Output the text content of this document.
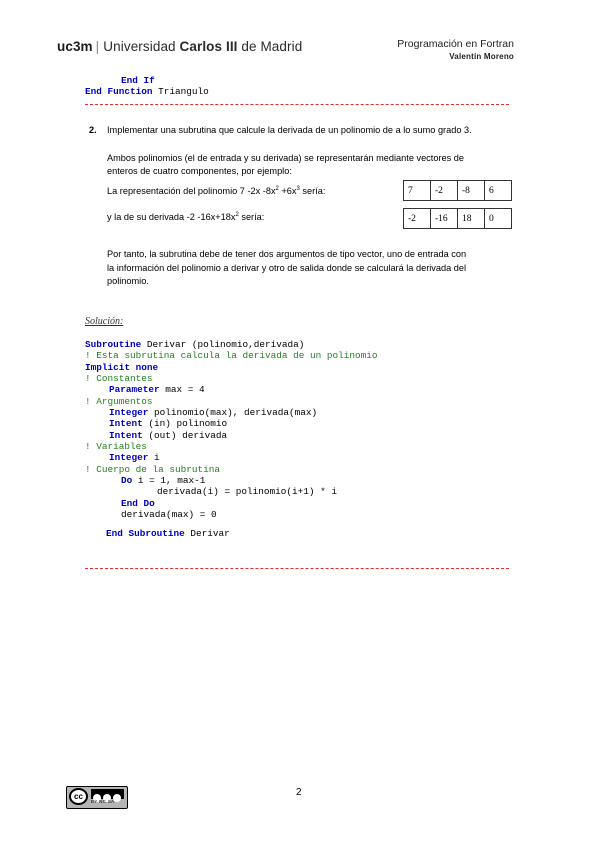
uc3m | Universidad Carlos III de Madrid	Programación en Fortran
Valentín Moreno
End If
End Function Triangulo
2. Implementar una subrutina que calcule la derivada de un polinomio de a lo sumo grado 3.
Ambos polinomios (el de entrada y su derivada) se representarán mediante vectores de
enteros de cuatro componentes, por ejemplo:
La representación del polinomio 7 -2x $-8x^2 +6x^3$ sería:
y la de su derivada -2 $-16x+18x^2$ sería:
7	-2	-8	6

-2	-16	18	0
Por tanto, la subrutina debe de tener dos argumentos de tipo vector, uno de entrada con
la información del polinomio a derivar y otro de salida donde se calculará la derivada del
polinomio.
Solución:
Subroutine Derivar (polinomio,derivada)
! Esta subrutina calcula la derivada de un polinomio
Implicit none
! Constantes
Parameter max = 4
! Argumentos
Integer polinomio(max), derivada(max)
Intent (in) polinomio
Intent (out) derivada
! Variables
Integer i
! Cuerpo de la subrutina
Do i = 1, max-1
derivada(i) = polinomio(i+1) * i
End Do
derivada(max) = 0
End Subroutine Derivar
cc
BY NC SA
2
